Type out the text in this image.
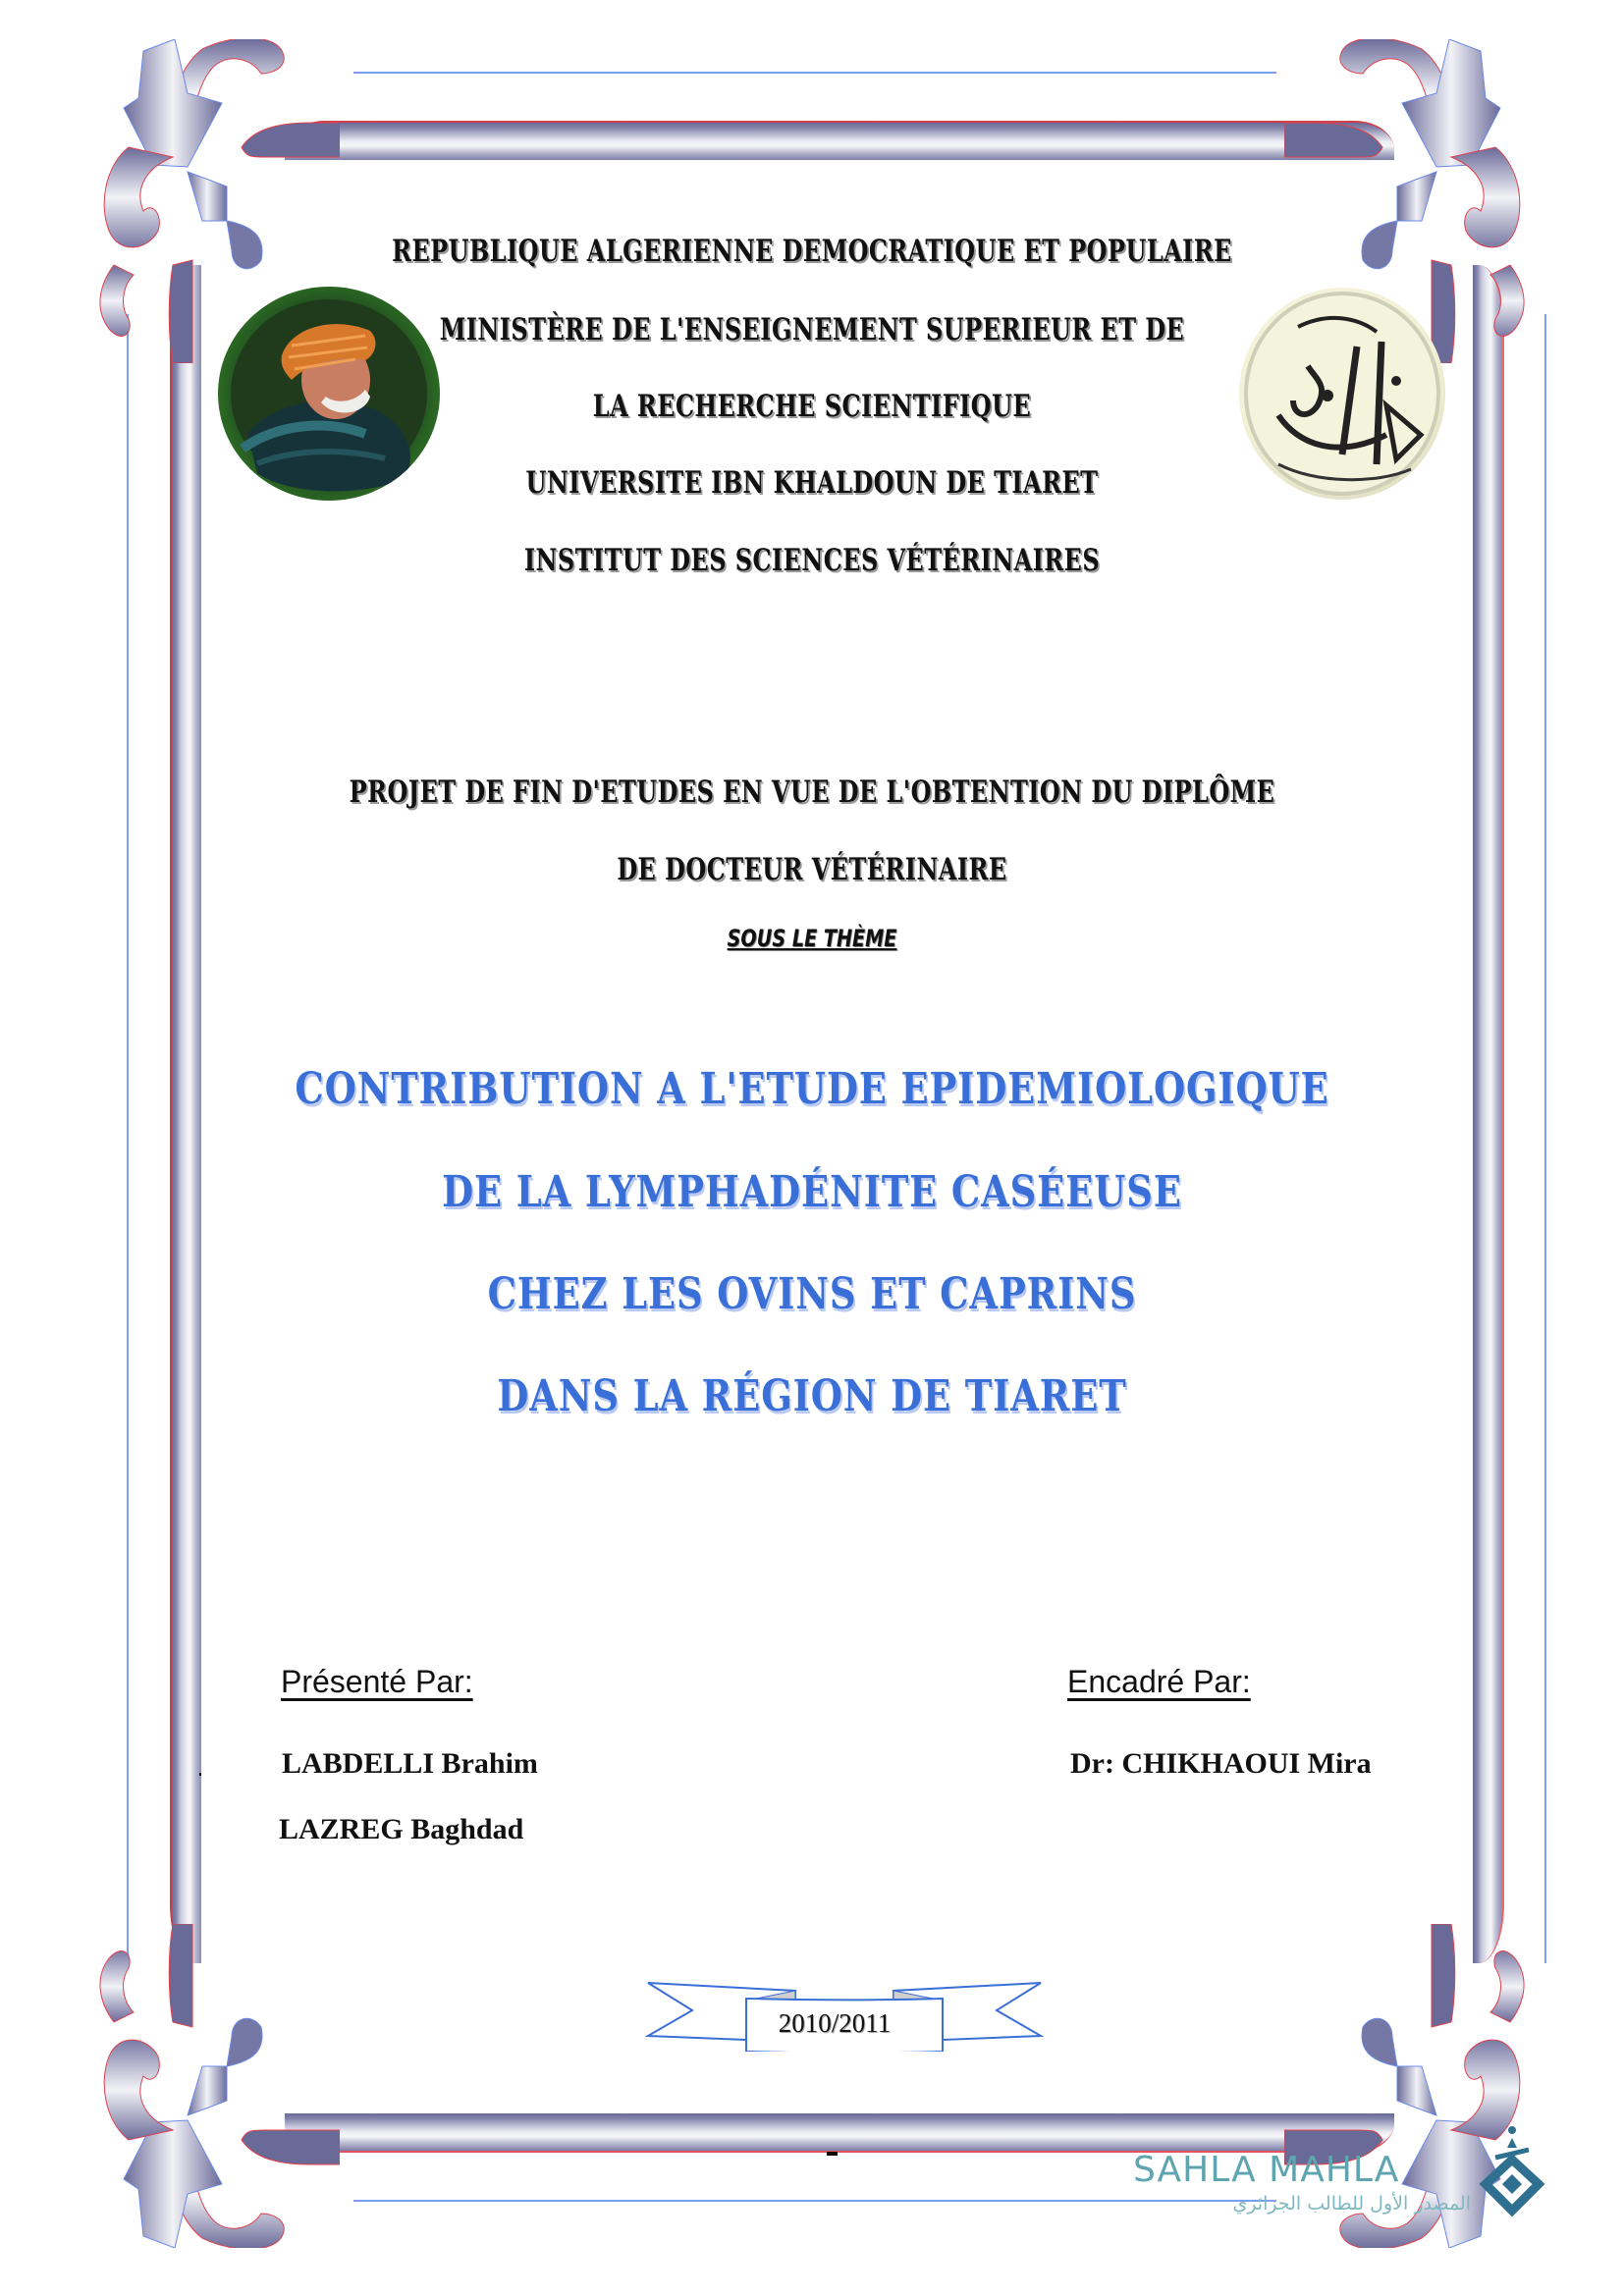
REPUBLIQUE ALGERIENNE DEMOCRATIQUE ET POPULAIRE
MINISTÈRE DE L'ENSEIGNEMENT SUPERIEUR ET DE
LA RECHERCHE SCIENTIFIQUE
UNIVERSITE IBN KHALDOUN DE TIARET
INSTITUT DES SCIENCES VÉTÉRINAIRES
PROJET DE FIN D'ETUDES EN VUE DE L'OBTENTION DU DIPLÔME
DE DOCTEUR VÉTÉRINAIRE
SOUS LE THÈME
CONTRIBUTION A L'ETUDE EPIDEMIOLOGIQUE
DE LA LYMPHADÉNITE CASÉEUSE
CHEZ LES OVINS ET CAPRINS
DANS LA RÉGION DE TIARET
Présenté Par:	Encadré Par:
LABDELLI Brahim
LAZREG Baghdad
Dr: CHIKHAOUI Mira
2010/2011
SAHLA MAHLA
المصدر الأول للطالب الجزائري
